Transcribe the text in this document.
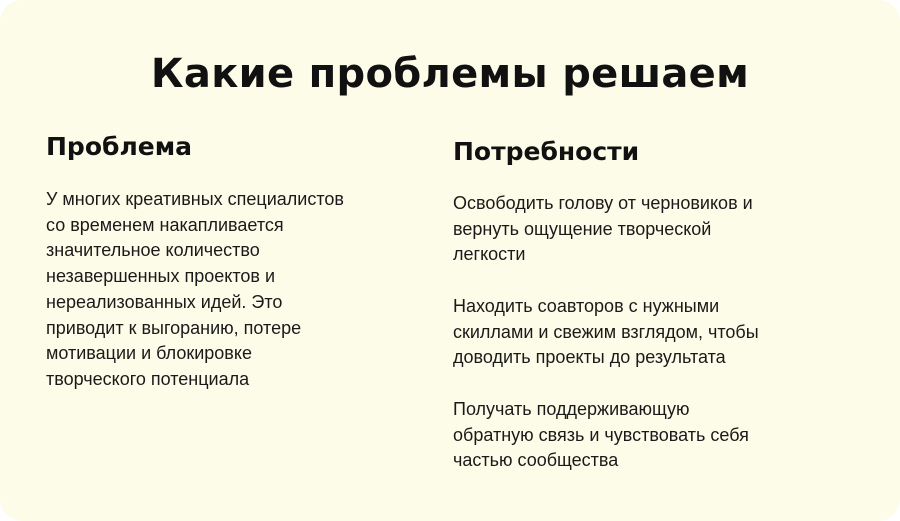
Какие проблемы решаем
Проблема

У многих креативных специалистов
со временем накапливается
значительное количество
незавершенных проектов и
нереализованных идей. Это
приводит к выгоранию, потере
мотивации и блокировке
творческого потенциала

Потребности

Освободить голову от черновиков и
вернуть ощущение творческой
легкости

Находить соавторов с нужными
скиллами и свежим взглядом, чтобы
доводить проекты до результата

Получать поддерживающую
обратную связь и чувствовать себя
частью сообщества
